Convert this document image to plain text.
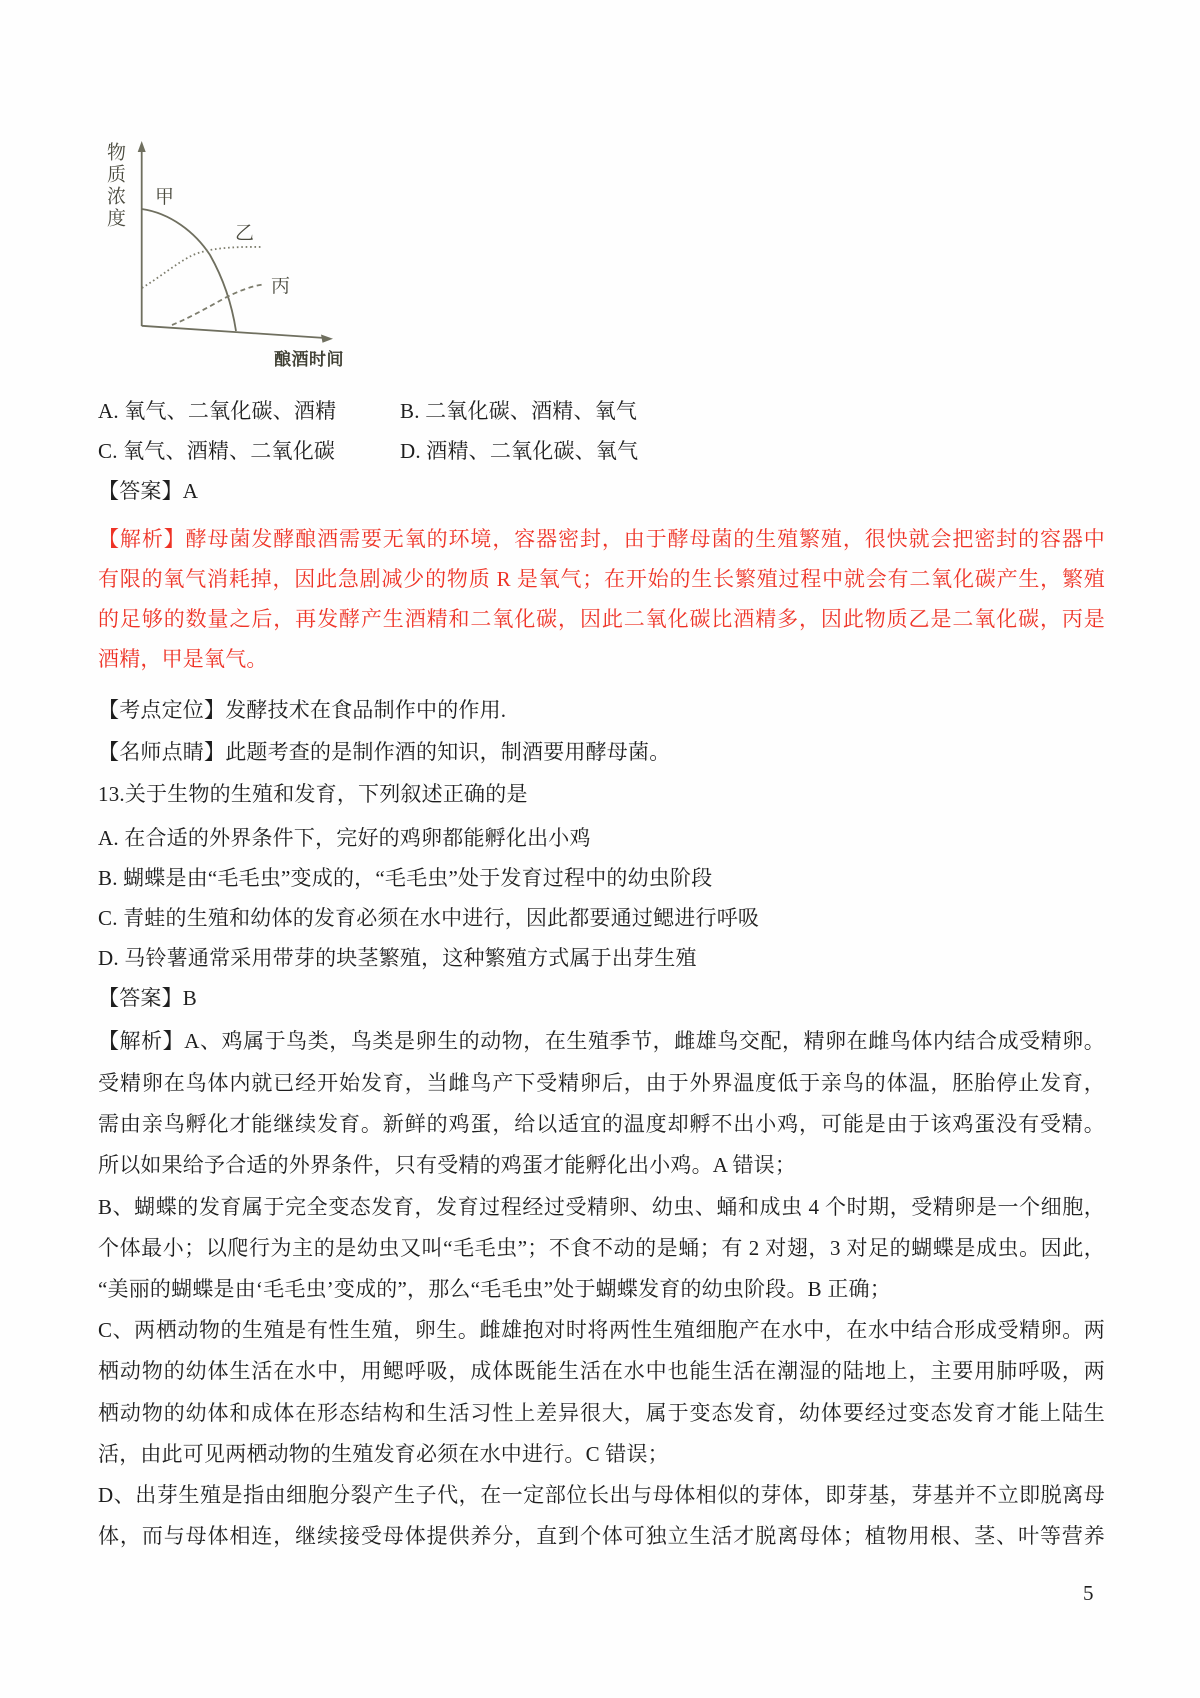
物质浓度
酿酒时间
甲
乙
丙
A. 氧气、二氧化碳、酒精	B. 二氧化碳、酒精、氧气
C. 氧气、酒精、二氧化碳	D. 酒精、二氧化碳、氧气
【答案】A
【解析】酵母菌发酵酿酒需要无氧的环境，容器密封，由于酵母菌的生殖繁殖，很快就会把密封的容器中
有限的氧气消耗掉，因此急剧减少的物质 R 是氧气；在开始的生长繁殖过程中就会有二氧化碳产生，繁殖
的足够的数量之后，再发酵产生酒精和二氧化碳，因此二氧化碳比酒精多，因此物质乙是二氧化碳，丙是
酒精，甲是氧气。
【考点定位】发酵技术在食品制作中的作用.
【名师点睛】此题考查的是制作酒的知识，制酒要用酵母菌。
13.关于生物的生殖和发育，下列叙述正确的是
A. 在合适的外界条件下，完好的鸡卵都能孵化出小鸡
B. 蝴蝶是由“毛毛虫”变成的，“毛毛虫”处于发育过程中的幼虫阶段
C. 青蛙的生殖和幼体的发育必须在水中进行，因此都要通过鳃进行呼吸
D. 马铃薯通常采用带芽的块茎繁殖，这种繁殖方式属于出芽生殖
【答案】B
【解析】A、鸡属于鸟类，鸟类是卵生的动物，在生殖季节，雌雄鸟交配，精卵在雌鸟体内结合成受精卵。
受精卵在鸟体内就已经开始发育，当雌鸟产下受精卵后，由于外界温度低于亲鸟的体温，胚胎停止发育，
需由亲鸟孵化才能继续发育。新鲜的鸡蛋，给以适宜的温度却孵不出小鸡，可能是由于该鸡蛋没有受精。
所以如果给予合适的外界条件，只有受精的鸡蛋才能孵化出小鸡。A 错误；
B、蝴蝶的发育属于完全变态发育，发育过程经过受精卵、幼虫、蛹和成虫 4 个时期，受精卵是一个细胞，
个体最小；以爬行为主的是幼虫又叫“毛毛虫”；不食不动的是蛹；有 2 对翅，3 对足的蝴蝶是成虫。因此，
“美丽的蝴蝶是由‘毛毛虫’变成的”，那么“毛毛虫”处于蝴蝶发育的幼虫阶段。B 正确；
C、两栖动物的生殖是有性生殖，卵生。雌雄抱对时将两性生殖细胞产在水中，在水中结合形成受精卵。两
栖动物的幼体生活在水中，用鳃呼吸，成体既能生活在水中也能生活在潮湿的陆地上，主要用肺呼吸，两
栖动物的幼体和成体在形态结构和生活习性上差异很大，属于变态发育，幼体要经过变态发育才能上陆生
活，由此可见两栖动物的生殖发育必须在水中进行。C 错误；
D、出芽生殖是指由细胞分裂产生子代，在一定部位长出与母体相似的芽体，即芽基，芽基并不立即脱离母
体，而与母体相连，继续接受母体提供养分，直到个体可独立生活才脱离母体；植物用根、茎、叶等营养
5
